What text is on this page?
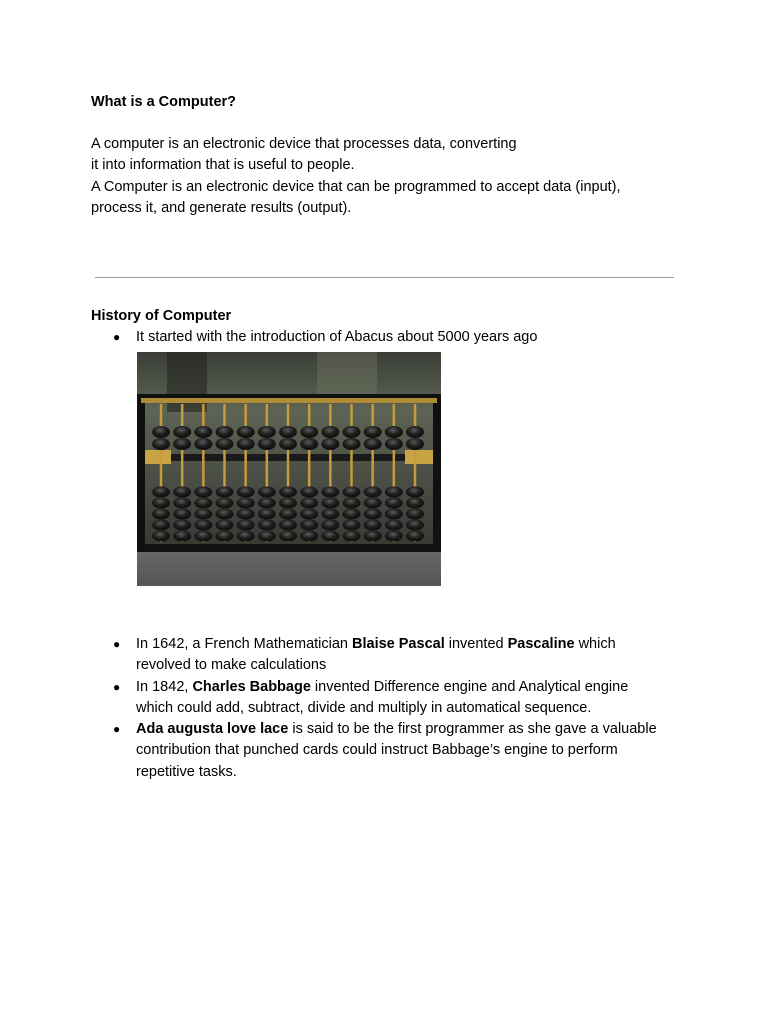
What is a Computer?

A computer is an electronic device that processes data, converting
it into information that is useful to people.
A Computer is an electronic device that can be programmed to accept data (input),
process it, and generate results (output).

History of Computer
● It started with the introduction of Abacus about 5000 years ago
● In 1642, a French Mathematician Blaise Pascal invented Pascaline which
revolved to make calculations
● In 1842, Charles Babbage invented Difference engine and Analytical engine
which could add, subtract, divide and multiply in automatical sequence.
● Ada augusta love lace is said to be the first programmer as she gave a valuable
contribution that punched cards could instruct Babbage’s engine to perform
repetitive tasks.
